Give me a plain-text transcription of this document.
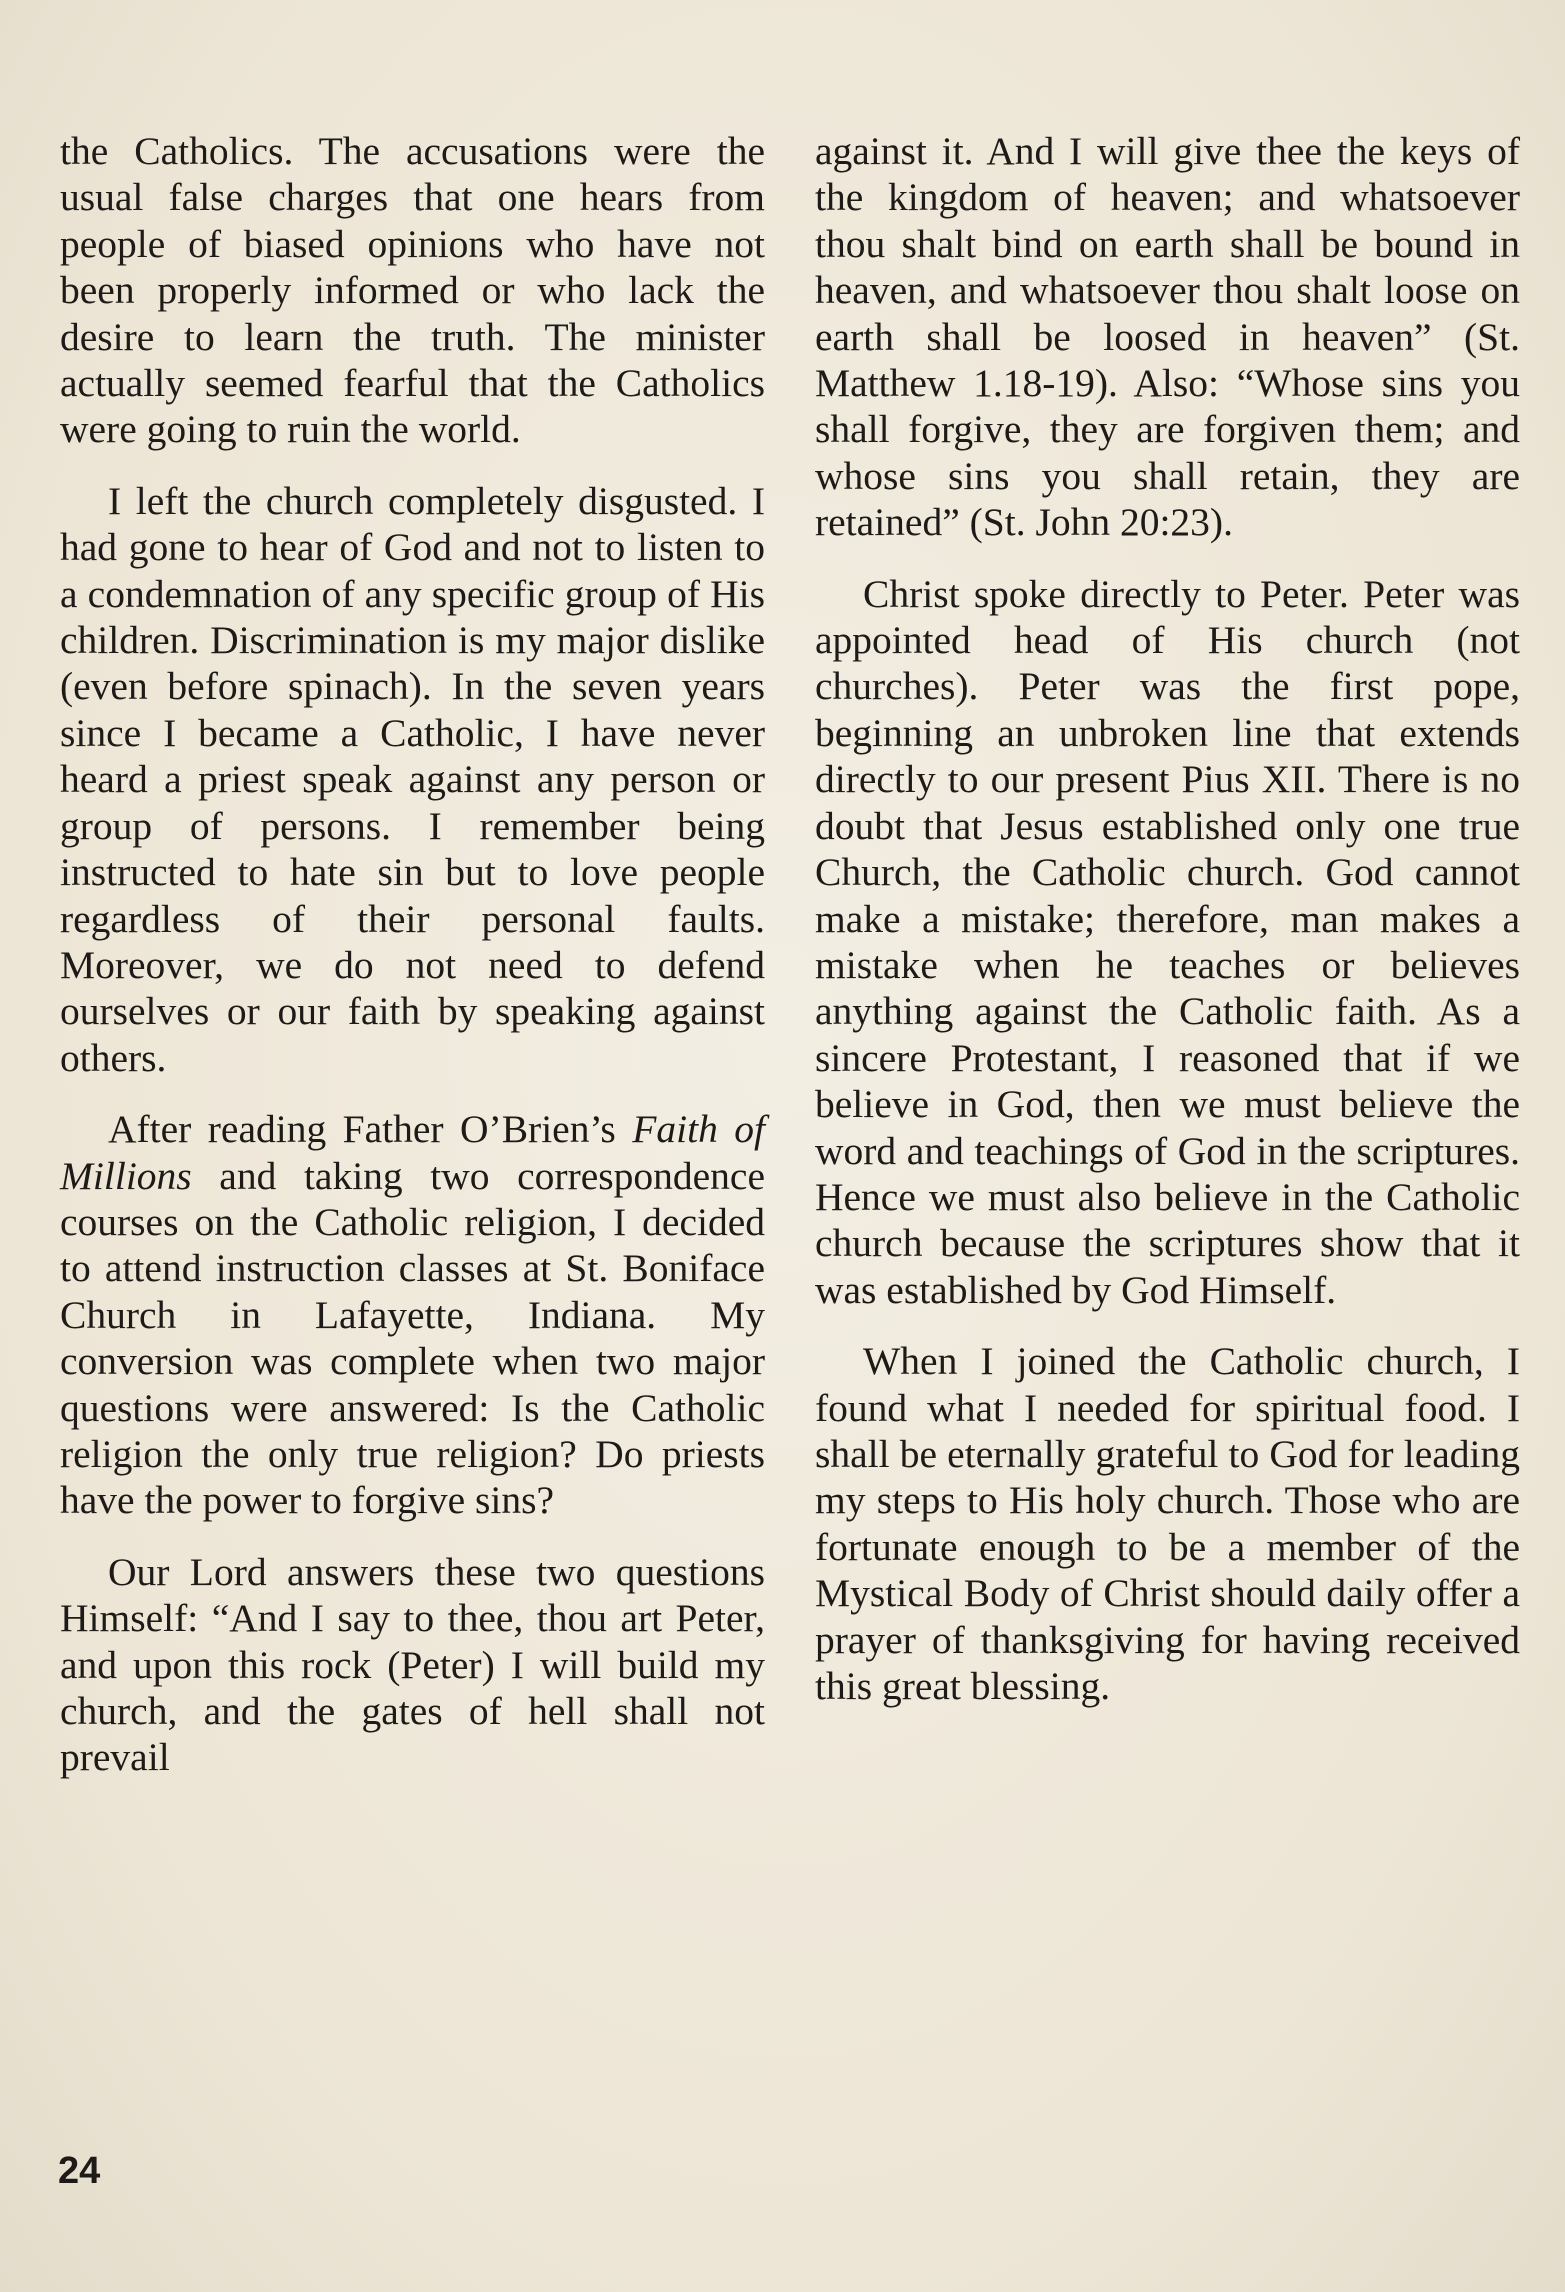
the Catholics. The accusations were the usual false charges that one hears from people of biased opinions who have not been properly informed or who lack the desire to learn the truth. The minister actually seemed fearful that the Catholics were going to ruin the world.

I left the church completely disgusted. I had gone to hear of God and not to listen to a condemnation of any specific group of His children. Discrimination is my major dislike (even before spinach). In the seven years since I became a Catholic, I have never heard a priest speak against any person or group of persons. I remember being instructed to hate sin but to love people regardless of their personal faults. Moreover, we do not need to defend ourselves or our faith by speaking against others.

After reading Father O’Brien’s Faith of Millions and taking two correspondence courses on the Catholic religion, I decided to attend instruction classes at St. Boniface Church in Lafayette, Indiana. My conversion was complete when two major questions were answered: Is the Catholic religion the only true religion? Do priests have the power to forgive sins?

Our Lord answers these two questions Himself: “And I say to thee, thou art Peter, and upon this rock (Peter) I will build my church, and the gates of hell shall not prevail

against it. And I will give thee the keys of the kingdom of heaven; and whatsoever thou shalt bind on earth shall be bound in heaven, and whatsoever thou shalt loose on earth shall be loosed in heaven” (St. Matthew 1.18-19). Also: “Whose sins you shall forgive, they are forgiven them; and whose sins you shall retain, they are retained” (St. John 20:23).

Christ spoke directly to Peter. Peter was appointed head of His church (not churches). Peter was the first pope, beginning an unbroken line that extends directly to our present Pius XII. There is no doubt that Jesus established only one true Church, the Catholic church. God cannot make a mistake; therefore, man makes a mistake when he teaches or believes anything against the Catholic faith. As a sincere Protestant, I reasoned that if we believe in God, then we must believe the word and teachings of God in the scriptures. Hence we must also believe in the Catholic church because the scriptures show that it was established by God Himself.

When I joined the Catholic church, I found what I needed for spiritual food. I shall be eternally grateful to God for leading my steps to His holy church. Those who are fortunate enough to be a member of the Mystical Body of Christ should daily offer a prayer of thanksgiving for having received this great blessing.

24
